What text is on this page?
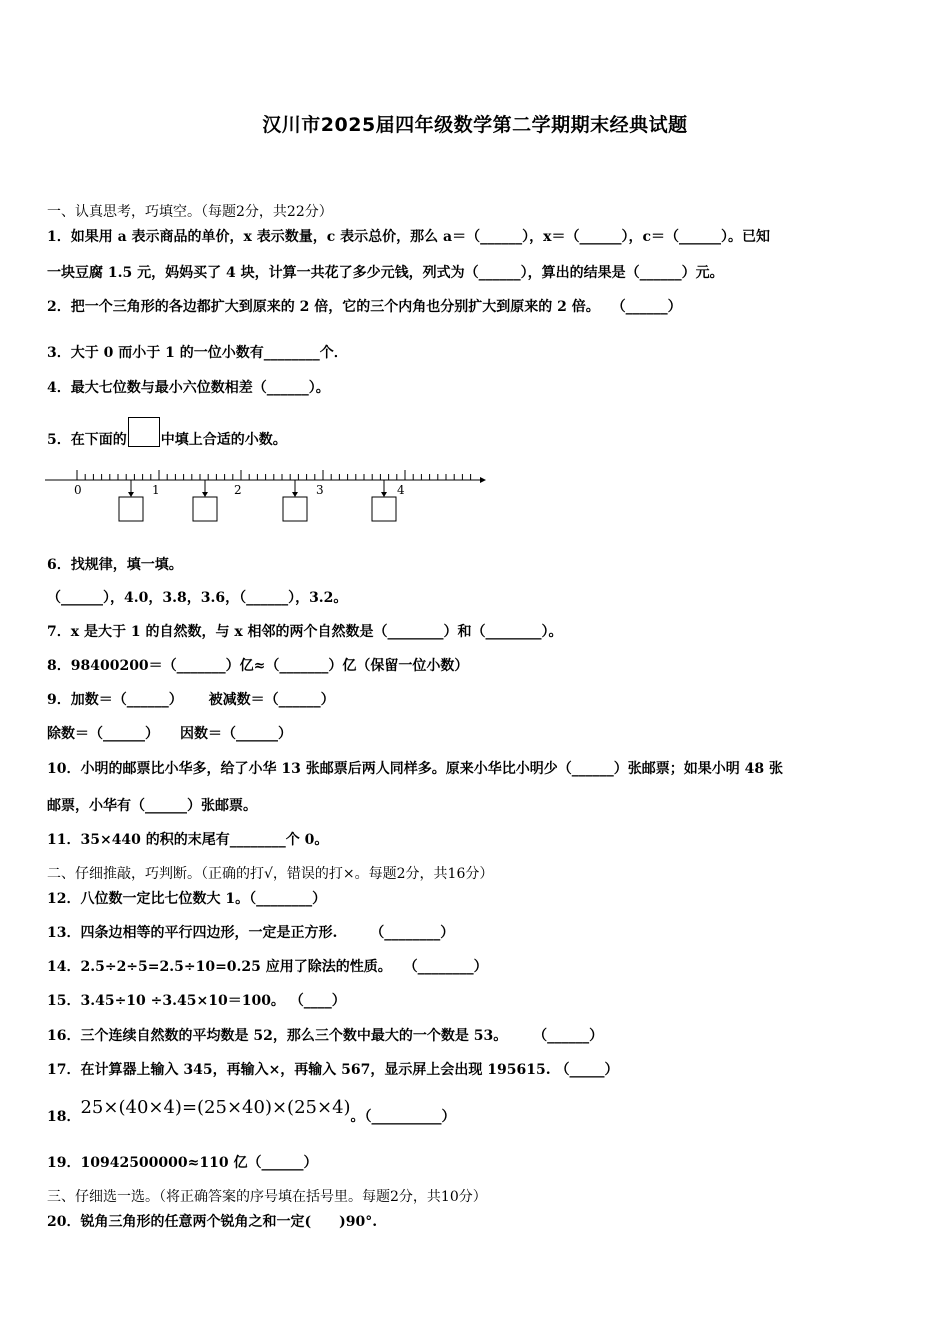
汉川市2025届四年级数学第二学期期末经典试题
一、认真思考，巧填空。（每题2分，共22分）
1．如果用 a 表示商品的单价，x 表示数量，c 表示总价，那么 a＝（______），x＝（______），c＝（______）。已知
一块豆腐 1.5 元，妈妈买了 4 块，计算一共花了多少元钱，列式为（______），算出的结果是（______）元。
2．把一个三角形的各边都扩大到原来的 2 倍，它的三个内角也分别扩大到原来的 2 倍。　 （______）
3．大于 0 而小于 1 的一位小数有________个．
4．最大七位数与最小六位数相差（______）。
5．在下面的 中填上合适的小数。
0	1	2	3	4
6．找规律，填一填。
（______），4.0，3.8，3.6，（______），3.2。
7．x 是大于 1 的自然数，与 x 相邻的两个自然数是（________）和（________）。
8．98400200＝（_______）亿≈（_______）亿（保留一位小数）
9．加数＝（______）　　 被减数＝（______）
除数＝（______）　　因数＝（______）
10．小明的邮票比小华多，给了小华 13 张邮票后两人同样多。原来小华比小明少（______）张邮票；如果小明 48 张
邮票，小华有（______）张邮票。
11．35×440 的积的末尾有________个 0。
二、仔细推敲，巧判断。（正确的打√，错误的打×。每题2分，共16分）
12．八位数一定比七位数大 1。（________）
13．四条边相等的平行四边形，一定是正方形.　　 （________）
14．2.5÷2÷5=2.5÷10=0.25 应用了除法的性质。　 （________）
15．3.45÷10 ÷3.45×10＝100。 （____）
16．三个连续自然数的平均数是 52，那么三个数中最大的一个数是 53。　　 （______）
17．在计算器上输入 345，再输入×，再输入 567，显示屏上会出现 195615. （_____）
18．25×(40×4)=(25×40)×(25×4)。（__________）
19．10942500000≈110 亿（______）
三、仔细选一选。（将正确答案的序号填在括号里。每题2分，共10分）
20．锐角三角形的任意两个锐角之和一定(　　)90°.
